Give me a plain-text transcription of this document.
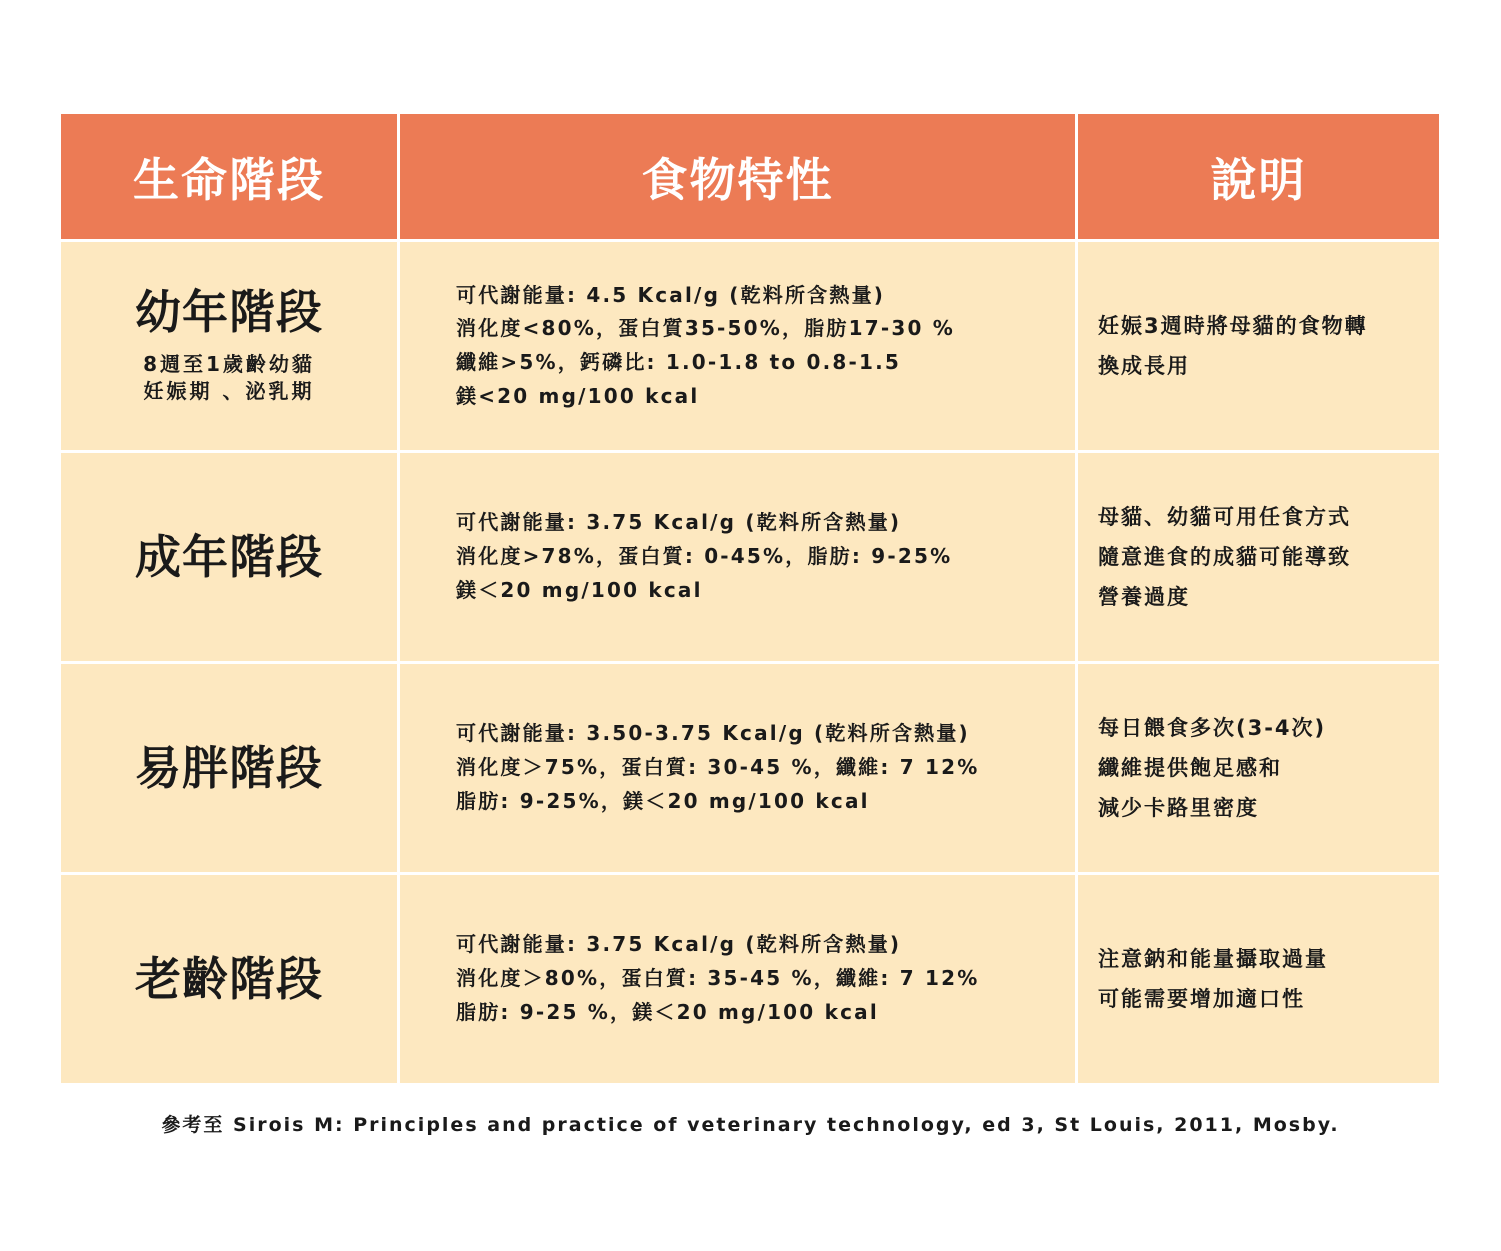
生命階段	食物特性	說明
幼年階段
8週至1歲齡幼貓
妊娠期 、泌乳期
可代謝能量: 4.5 Kcal/g (乾料所含熱量)
消化度<80%，蛋白質35-50%，脂肪17-30 %
纖維>5%，鈣磷比: 1.0-1.8 to 0.8-1.5
鎂<20 mg/100 kcal
妊娠3週時將母貓的食物轉
換成長用
成年階段
可代謝能量: 3.75 Kcal/g (乾料所含熱量)
消化度>78%，蛋白質: 0-45%，脂肪: 9-25%
鎂＜20 mg/100 kcal
母貓、幼貓可用任食方式
隨意進食的成貓可能導致
營養過度
易胖階段
可代謝能量: 3.50-3.75 Kcal/g (乾料所含熱量)
消化度＞75%，蛋白質: 30-45 %，纖維: 7 12%
脂肪: 9-25%，鎂＜20 mg/100 kcal
每日餵食多次(3-4次)
纖維提供飽足感和
減少卡路里密度
老齡階段
可代謝能量: 3.75 Kcal/g (乾料所含熱量)
消化度＞80%，蛋白質: 35-45 %，纖維: 7 12%
脂肪: 9-25 %，鎂＜20 mg/100 kcal
注意鈉和能量攝取過量
可能需要增加適口性
參考至 Sirois M: Principles and practice of veterinary technology, ed 3, St Louis, 2011, Mosby.
